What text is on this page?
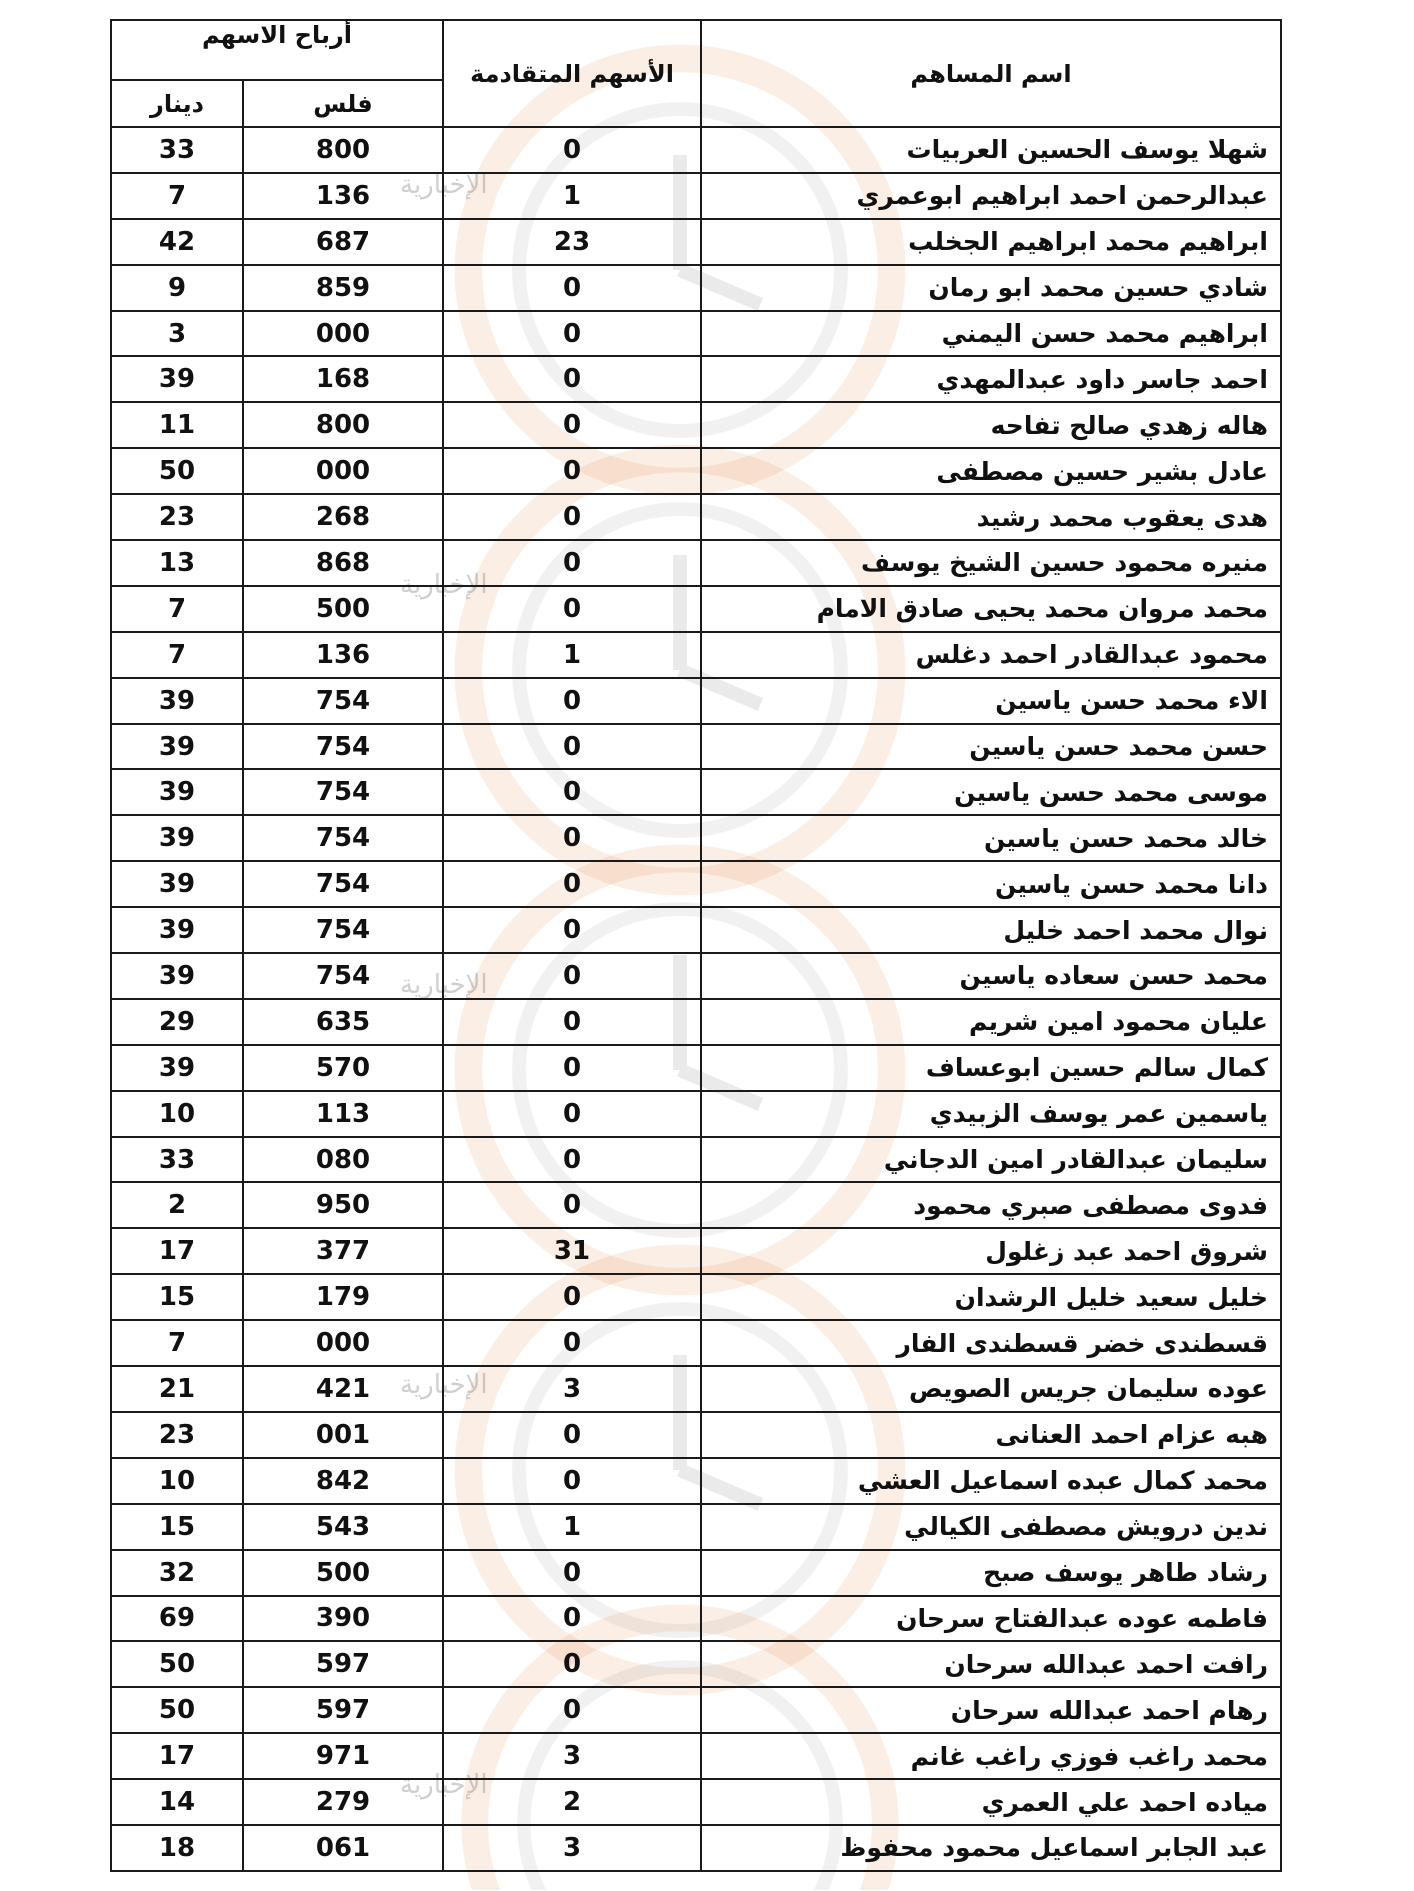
الإخبارية
الإخبارية
الإخبارية
الإخبارية
الإخبارية
اسم المساهم	الأسهم المتقادمة	أرباح الاسهم	
		فلس	دينار
شهلا يوسف الحسين العربيات	0	800	33
عبدالرحمن احمد ابراهيم ابوعمري	1	136	7
ابراهيم محمد ابراهيم الجخلب	23	687	42
شادي حسين محمد ابو رمان	0	859	9
ابراهيم محمد حسن اليمني	0	000	3
احمد جاسر داود عبدالمهدي	0	168	39
هاله زهدي صالح تفاحه	0	800	11
عادل بشير حسين مصطفى	0	000	50
هدى يعقوب محمد رشيد	0	268	23
منيره محمود حسين الشيخ يوسف	0	868	13
محمد مروان محمد يحيى صادق الامام	0	500	7
محمود عبدالقادر احمد دغلس	1	136	7
الاء محمد حسن ياسين	0	754	39
حسن محمد حسن ياسين	0	754	39
موسى محمد حسن ياسين	0	754	39
خالد محمد حسن ياسين	0	754	39
دانا محمد حسن ياسين	0	754	39
نوال محمد احمد خليل	0	754	39
محمد حسن سعاده ياسين	0	754	39
عليان محمود امين شريم	0	635	29
كمال سالم حسين ابوعساف	0	570	39
ياسمين عمر يوسف الزبيدي	0	113	10
سليمان عبدالقادر امين الدجاني	0	080	33
فدوى مصطفى صبري محمود	0	950	2
شروق احمد عبد زغلول	31	377	17
خليل سعيد خليل الرشدان	0	179	15
قسطندى خضر قسطندى الفار	0	000	7
عوده سليمان جريس الصويص	3	421	21
هبه عزام احمد العنانى	0	001	23
محمد كمال عبده اسماعيل العشي	0	842	10
ندين درويش مصطفى الكيالي	1	543	15
رشاد طاهر يوسف صبح	0	500	32
فاطمه عوده عبدالفتاح سرحان	0	390	69
رافت احمد عبدالله سرحان	0	597	50
رهام احمد عبدالله سرحان	0	597	50
محمد راغب فوزي راغب غانم	3	971	17
مياده احمد علي العمري	2	279	14
عبد الجابر اسماعيل محمود محفوظ	3	061	18
